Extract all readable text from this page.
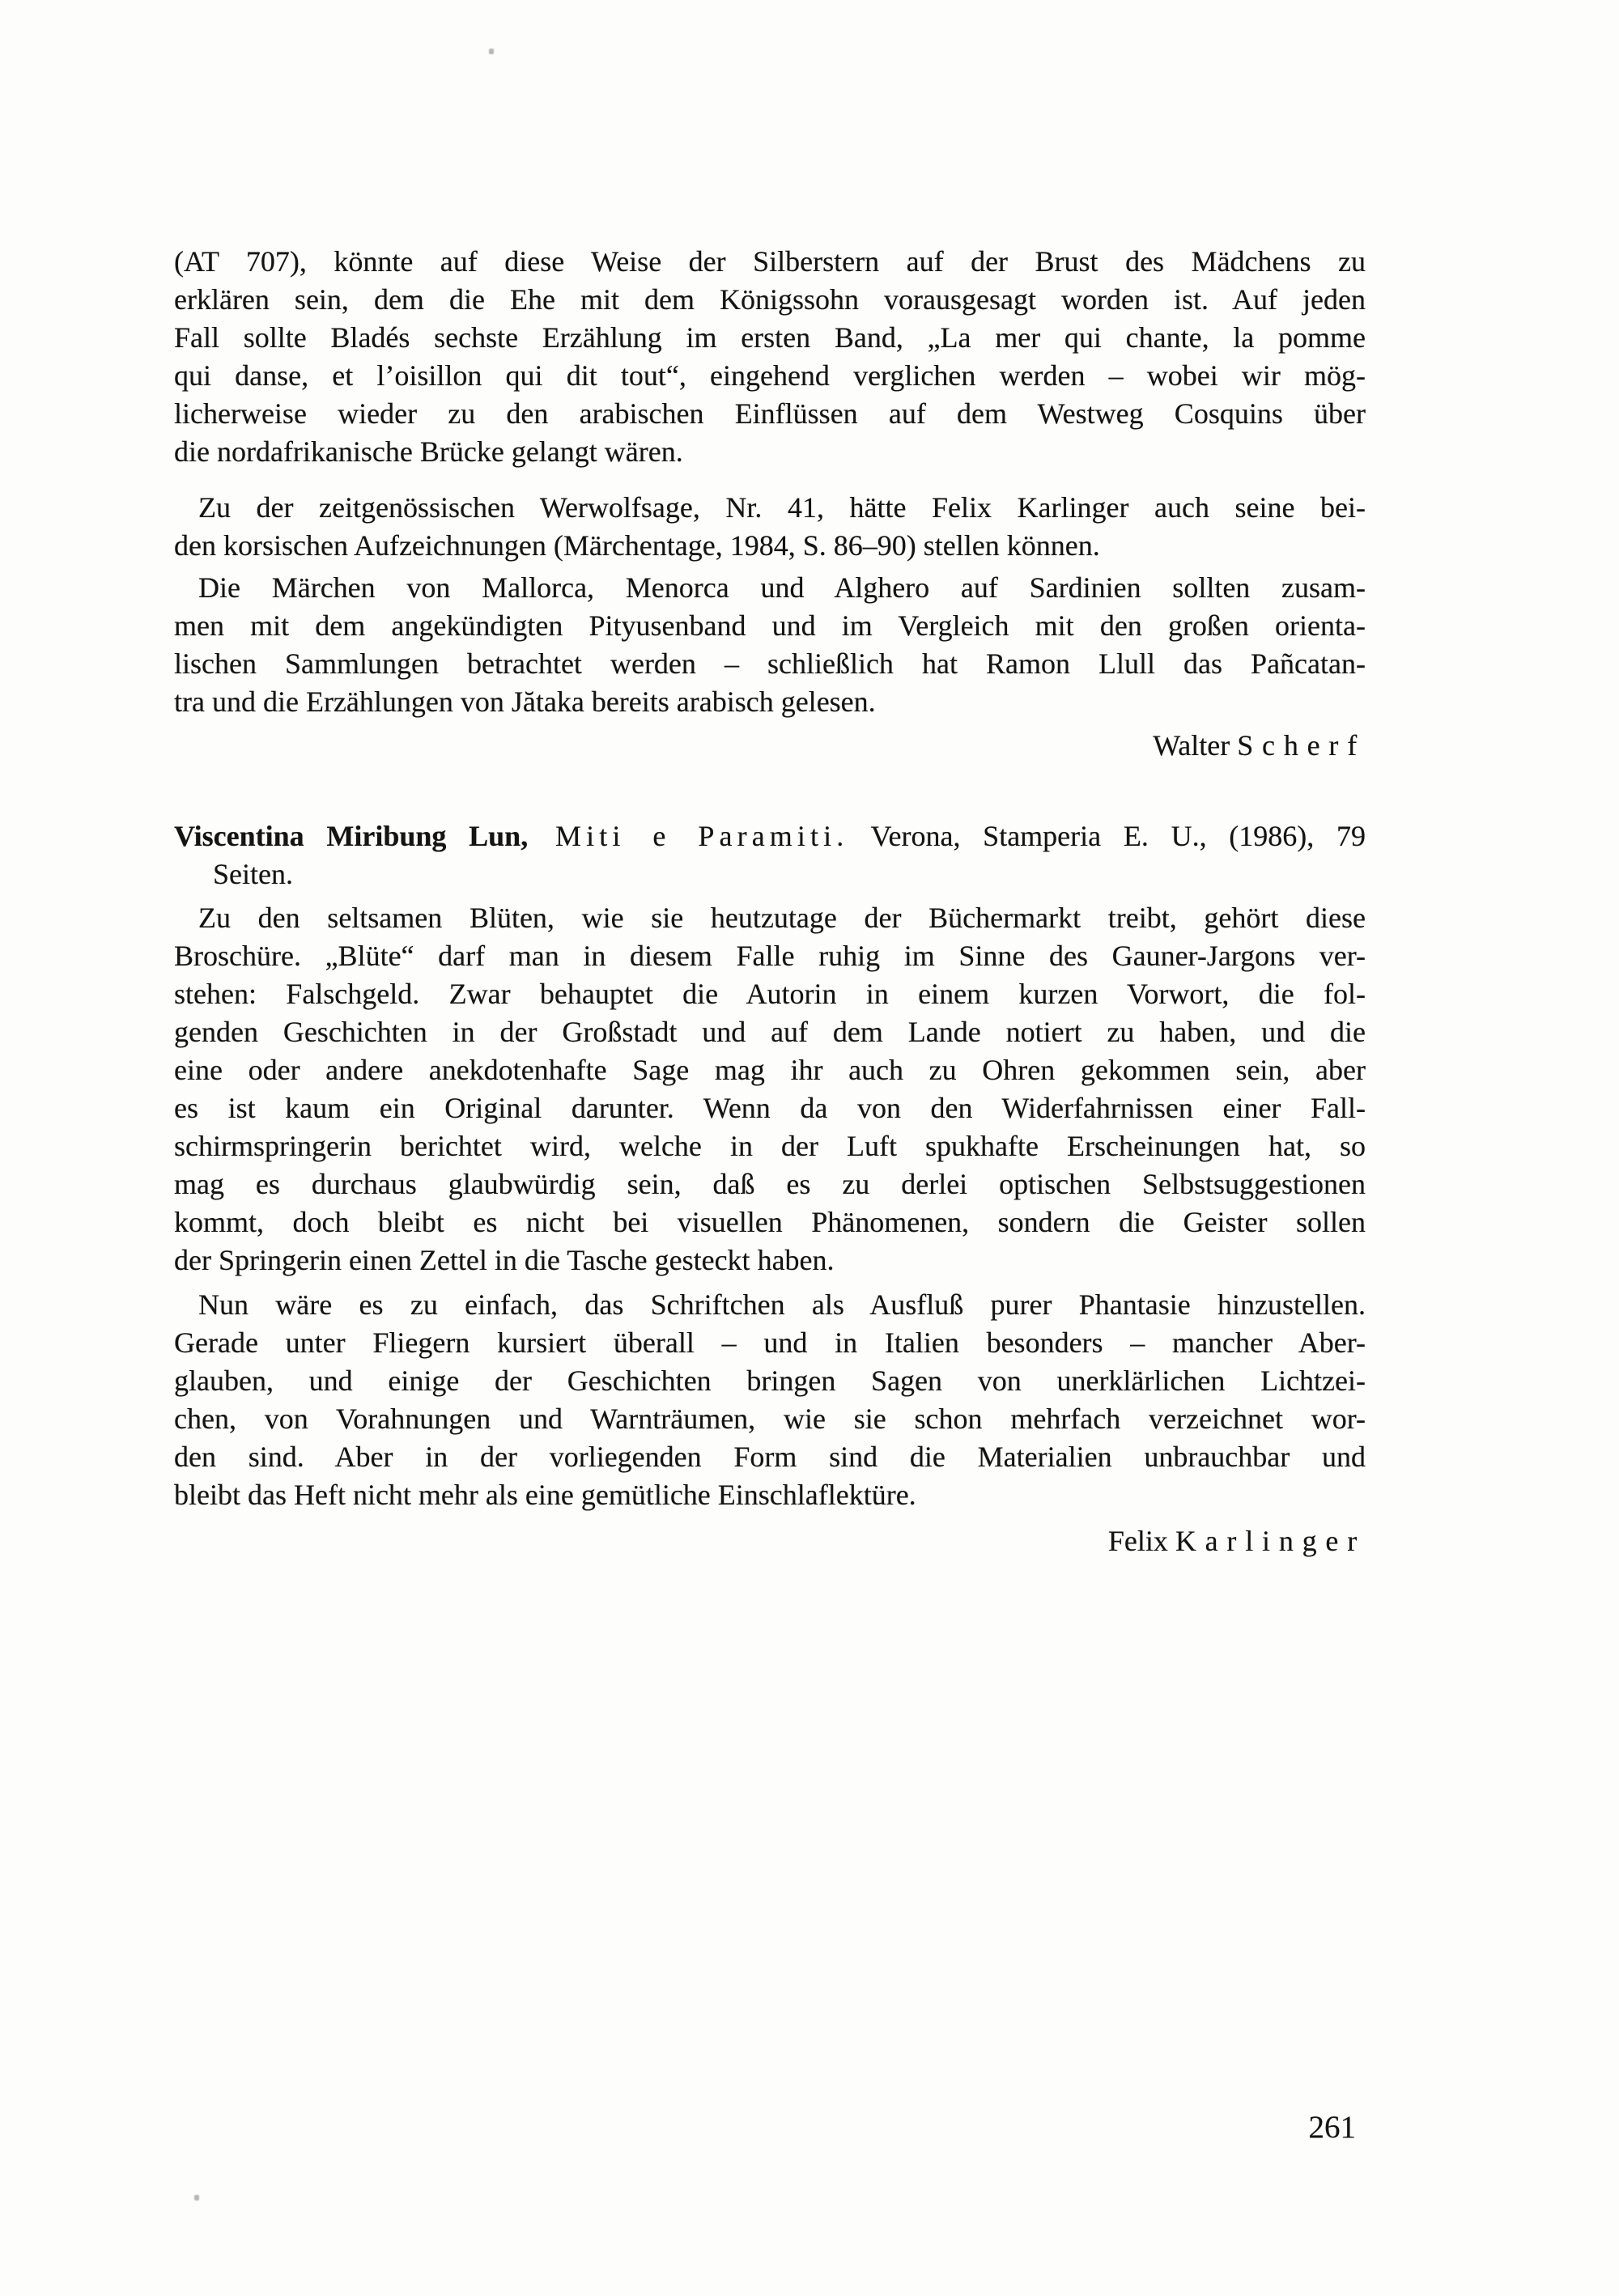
(AT 707), könnte auf diese Weise der Silberstern auf der Brust des Mädchens zu
erklären sein, dem die Ehe mit dem Königssohn vorausgesagt worden ist. Auf jeden
Fall sollte Bladés sechste Erzählung im ersten Band, „La mer qui chante, la pomme
qui danse, et l’oisillon qui dit tout“, eingehend verglichen werden – wobei wir mög-
licherweise wieder zu den arabischen Einflüssen auf dem Westweg Cosquins über
die nordafrikanische Brücke gelangt wären.
Zu der zeitgenössischen Werwolfsage, Nr. 41, hätte Felix Karlinger auch seine bei-
den korsischen Aufzeichnungen (Märchentage, 1984, S. 86–90) stellen können.
Die Märchen von Mallorca, Menorca und Alghero auf Sardinien sollten zusam-
men mit dem angekündigten Pityusenband und im Vergleich mit den großen orienta-
lischen Sammlungen betrachtet werden – schließlich hat Ramon Llull das Pañcatan-
tra und die Erzählungen von Jătaka bereits arabisch gelesen.
Walter Scherf
Viscentina Miribung Lun, Miti e Paramiti. Verona, Stamperia E. U., (1986), 79
Seiten.
Zu den seltsamen Blüten, wie sie heutzutage der Büchermarkt treibt, gehört diese
Broschüre. „Blüte“ darf man in diesem Falle ruhig im Sinne des Gauner-Jargons ver-
stehen: Falschgeld. Zwar behauptet die Autorin in einem kurzen Vorwort, die fol-
genden Geschichten in der Großstadt und auf dem Lande notiert zu haben, und die
eine oder andere anekdotenhafte Sage mag ihr auch zu Ohren gekommen sein, aber
es ist kaum ein Original darunter. Wenn da von den Widerfahrnissen einer Fall-
schirmspringerin berichtet wird, welche in der Luft spukhafte Erscheinungen hat, so
mag es durchaus glaubwürdig sein, daß es zu derlei optischen Selbstsuggestionen
kommt, doch bleibt es nicht bei visuellen Phänomenen, sondern die Geister sollen
der Springerin einen Zettel in die Tasche gesteckt haben.
Nun wäre es zu einfach, das Schriftchen als Ausfluß purer Phantasie hinzustellen.
Gerade unter Fliegern kursiert überall – und in Italien besonders – mancher Aber-
glauben, und einige der Geschichten bringen Sagen von unerklärlichen Lichtzei-
chen, von Vorahnungen und Warnträumen, wie sie schon mehrfach verzeichnet wor-
den sind. Aber in der vorliegenden Form sind die Materialien unbrauchbar und
bleibt das Heft nicht mehr als eine gemütliche Einschlaflektüre.
Felix Karlinger
261
